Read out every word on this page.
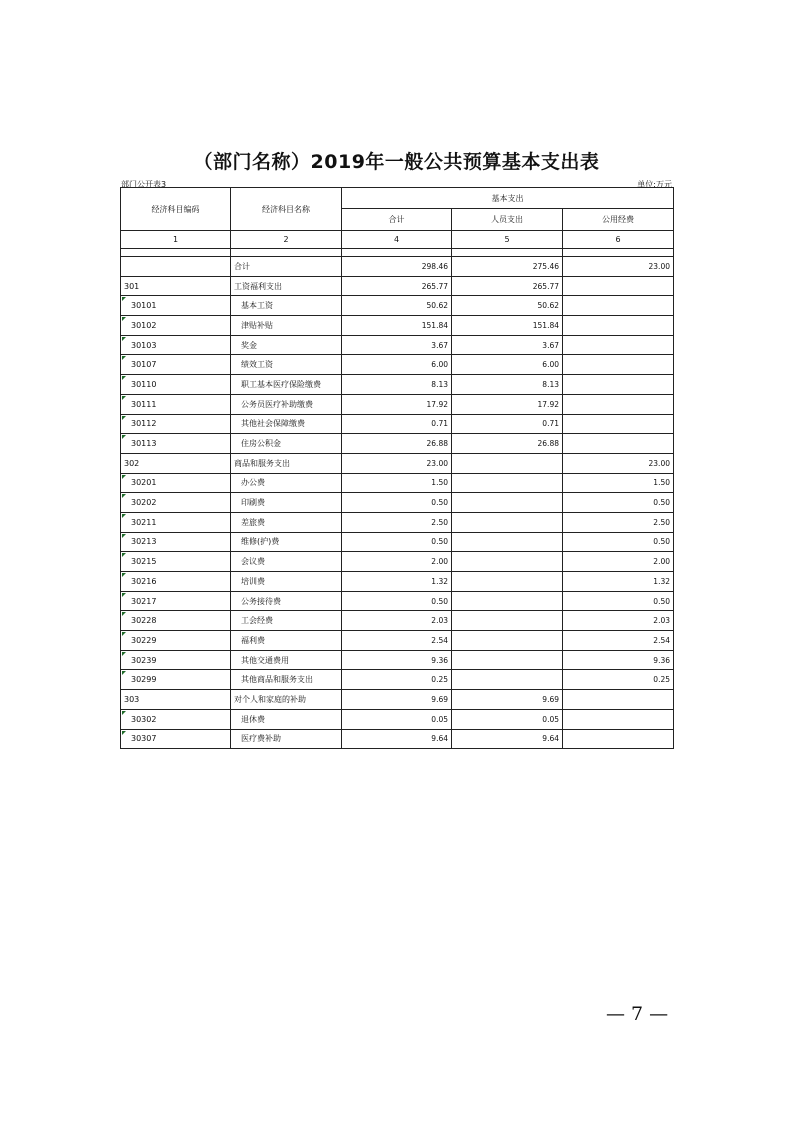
（部门名称）2019年一般公共预算基本支出表
部门公开表3	单位:万元
经济科目编码	经济科目名称	基本支出		
		合计	人员支出	公用经费
1	2	4	5	6

	合计	298.46	275.46	23.00
301	工资福利支出	265.77	265.77	
30101	基本工资	50.62	50.62	
30102	津贴补贴	151.84	151.84	
30103	奖金	3.67	3.67	
30107	绩效工资	6.00	6.00	
30110	职工基本医疗保险缴费	8.13	8.13	
30111	公务员医疗补助缴费	17.92	17.92	
30112	其他社会保障缴费	0.71	0.71	
30113	住房公积金	26.88	26.88	
302	商品和服务支出	23.00		23.00
30201	办公费	1.50		1.50
30202	印刷费	0.50		0.50
30211	差旅费	2.50		2.50
30213	维修(护)费	0.50		0.50
30215	会议费	2.00		2.00
30216	培训费	1.32		1.32
30217	公务接待费	0.50		0.50
30228	工会经费	2.03		2.03
30229	福利费	2.54		2.54
30239	其他交通费用	9.36		9.36
30299	其他商品和服务支出	0.25		0.25
303	对个人和家庭的补助	9.69	9.69	
30302	退休费	0.05	0.05	
30307	医疗费补助	9.64	9.64	
— 7 —
